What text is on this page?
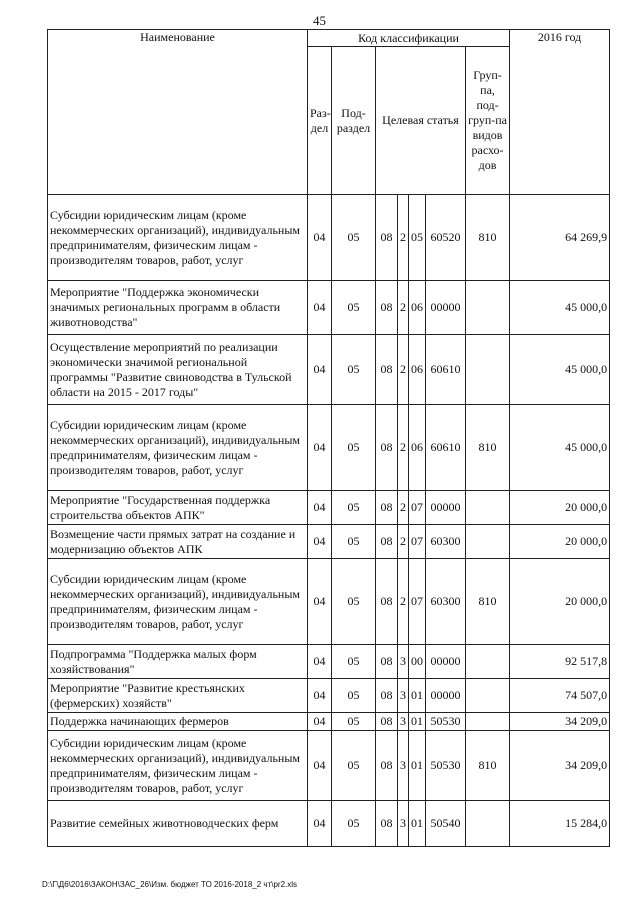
45
Наименование	Код классификации							2016 год
	Раз-дел	Под-раздел	Целевая статья				Груп-па, под-груп-па видов расхо-дов	
Субсидии юридическим лицам (кроме некоммерческих организаций), индивидуальным предпринимателям, физическим лицам - производителям товаров, работ, услуг	04	05	08	2	05	60520	810	64 269,9
Мероприятие "Поддержка экономически значимых региональных программ в области животноводства"	04	05	08	2	06	00000		45 000,0
Осуществление мероприятий по реализации экономически значимой региональной программы "Развитие свиноводства в Тульской области на 2015 - 2017 годы"	04	05	08	2	06	60610		45 000,0
Субсидии юридическим лицам (кроме некоммерческих организаций), индивидуальным предпринимателям, физическим лицам - производителям товаров, работ, услуг	04	05	08	2	06	60610	810	45 000,0
Мероприятие "Государственная поддержка строительства объектов АПК"	04	05	08	2	07	00000		20 000,0
Возмещение части прямых затрат на создание и модернизацию объектов АПК	04	05	08	2	07	60300		20 000,0
Субсидии юридическим лицам (кроме некоммерческих организаций), индивидуальным предпринимателям, физическим лицам - производителям товаров, работ, услуг	04	05	08	2	07	60300	810	20 000,0
Подпрограмма "Поддержка малых форм хозяйствования"	04	05	08	3	00	00000		92 517,8
Мероприятие "Развитие крестьянских (фермерских) хозяйств"	04	05	08	3	01	00000		74 507,0
Поддержка начинающих фермеров	04	05	08	3	01	50530		34 209,0
Субсидии юридическим лицам (кроме некоммерческих организаций), индивидуальным предпринимателям, физическим лицам - производителям товаров, работ, услуг	04	05	08	3	01	50530	810	34 209,0
Развитие семейных животноводческих ферм	04	05	08	3	01	50540		15 284,0
D:\Г\Д6\2016\ЗАКОН\ЗАС_26\Изм. бюджет ТО 2016-2018_2 чт\pr2.xls
